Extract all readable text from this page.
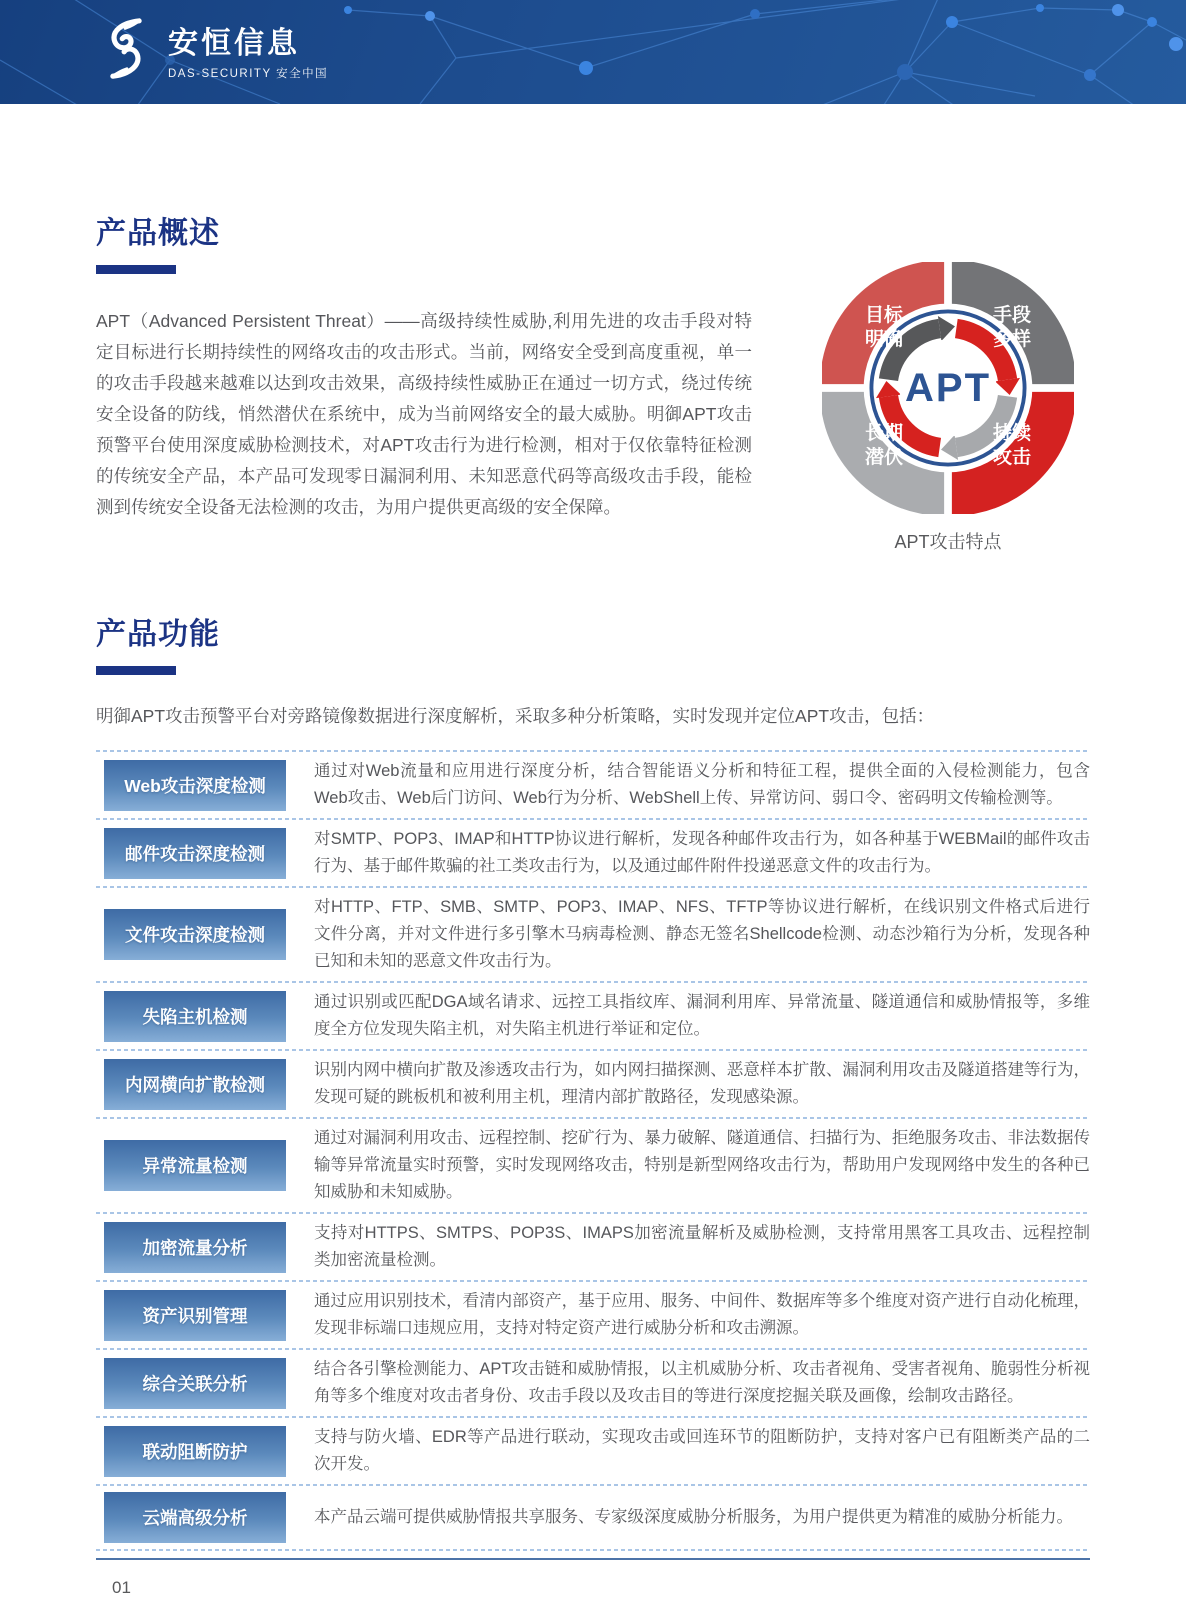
安恒信息
DAS-SECURITY 安全中国
产品概述

APT（Advanced Persistent Threat）——高级持续性威胁,利用先进的攻击手段对特定目标进行长期持续性的网络攻击的攻击形式。当前，网络安全受到高度重视，单一的攻击手段越来越难以达到攻击效果，高级持续性威胁正在通过一切方式，绕过传统安全设备的防线，悄然潜伏在系统中，成为当前网络安全的最大威胁。明御APT攻击预警平台使用深度威胁检测技术，对APT攻击行为进行检测，相对于仅依靠特征检测的传统安全产品，本产品可发现零日漏洞利用、未知恶意代码等高级攻击手段，能检测到传统安全设备无法检测的攻击，为用户提供更高级的安全保障。

目标明确
手段多样
长期潜伏
持续攻击
APT
APT攻击特点
产品功能

明御APT攻击预警平台对旁路镜像数据进行深度解析，采取多种分析策略，实时发现并定位APT攻击，包括：

Web攻击深度检测
通过对Web流量和应用进行深度分析，结合智能语义分析和特征工程，提供全面的入侵检测能力，包含Web攻击、Web后门访问、Web行为分析、WebShell上传、异常访问、弱口令、密码明文传输检测等。
邮件攻击深度检测
对SMTP、POP3、IMAP和HTTP协议进行解析，发现各种邮件攻击行为，如各种基于WEBMail的邮件攻击行为、基于邮件欺骗的社工类攻击行为，以及通过邮件附件投递恶意文件的攻击行为。
文件攻击深度检测
对HTTP、FTP、SMB、SMTP、POP3、IMAP、NFS、TFTP等协议进行解析，在线识别文件格式后进行文件分离，并对文件进行多引擎木马病毒检测、静态无签名Shellcode检测、动态沙箱行为分析，发现各种已知和未知的恶意文件攻击行为。
失陷主机检测
通过识别或匹配DGA域名请求、远控工具指纹库、漏洞利用库、异常流量、隧道通信和威胁情报等，多维度全方位发现失陷主机，对失陷主机进行举证和定位。
内网横向扩散检测
识别内网中横向扩散及渗透攻击行为，如内网扫描探测、恶意样本扩散、漏洞利用攻击及隧道搭建等行为，发现可疑的跳板机和被利用主机，理清内部扩散路径，发现感染源。
异常流量检测
通过对漏洞利用攻击、远程控制、挖矿行为、暴力破解、隧道通信、扫描行为、拒绝服务攻击、非法数据传输等异常流量实时预警，实时发现网络攻击，特别是新型网络攻击行为，帮助用户发现网络中发生的各种已知威胁和未知威胁。
加密流量分析
支持对HTTPS、SMTPS、POP3S、IMAPS加密流量解析及威胁检测，支持常用黑客工具攻击、远程控制类加密流量检测。
资产识别管理
通过应用识别技术，看清内部资产，基于应用、服务、中间件、数据库等多个维度对资产进行自动化梳理，发现非标端口违规应用，支持对特定资产进行威胁分析和攻击溯源。
综合关联分析
结合各引擎检测能力、APT攻击链和威胁情报，以主机威胁分析、攻击者视角、受害者视角、脆弱性分析视角等多个维度对攻击者身份、攻击手段以及攻击目的等进行深度挖掘关联及画像，绘制攻击路径。
联动阻断防护
支持与防火墙、EDR等产品进行联动，实现攻击或回连环节的阻断防护，支持对客户已有阻断类产品的二次开发。
云端高级分析	本产品云端可提供威胁情报共享服务、专家级深度威胁分析服务，为用户提供更为精准的威胁分析能力。
01
